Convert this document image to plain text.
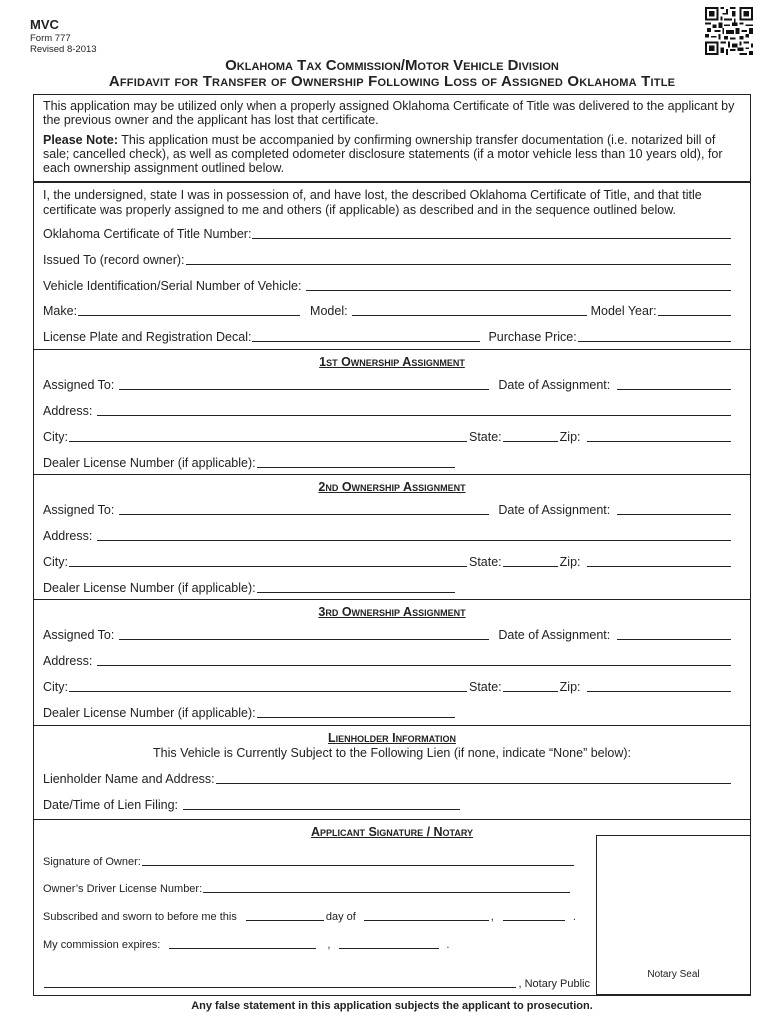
MVC
Form 777
Revised 8-2013
Oklahoma Tax Commission/Motor Vehicle Division
Affidavit for Transfer of Ownership Following Loss of Assigned Oklahoma Title

This application may be utilized only when a properly assigned Oklahoma Certificate of Title was delivered to the applicant by the previous owner and the applicant has lost that certificate.

Please Note: This application must be accompanied by confirming ownership transfer documentation (i.e. notarized bill of sale; cancelled check), as well as completed odometer disclosure statements (if a motor vehicle less than 10 years old), for each ownership assignment outlined below.

I, the undersigned, state I was in possession of, and have lost, the described Oklahoma Certificate of Title, and that title certificate was properly assigned to me and others (if applicable) as described and in the sequence outlined below.
Oklahoma Certificate of Title Number:
Issued To (record owner):
Vehicle Identification/Serial Number of Vehicle:
Make:	Model:	Model Year:
License Plate and Registration Decal:	Purchase Price:
1st Ownership Assignment
Assigned To:	Date of Assignment:
Address:
City:	State:	Zip:
Dealer License Number (if applicable):
2nd Ownership Assignment
Assigned To:	Date of Assignment:
Address:
City:	State:	Zip:
Dealer License Number (if applicable):
3rd Ownership Assignment
Assigned To:	Date of Assignment:
Address:
City:	State:	Zip:
Dealer License Number (if applicable):
Lienholder Information
This Vehicle is Currently Subject to the Following Lien (if none, indicate “None” below):
Lienholder Name and Address:
Date/Time of Lien Filing:
Applicant Signature / Notary
Signature of Owner:
Owner’s Driver License Number:
Subscribed and sworn to before me this	day of	,	.
My commission expires:	,	.
, Notary Public
Notary Seal
Any false statement in this application subjects the applicant to prosecution.
